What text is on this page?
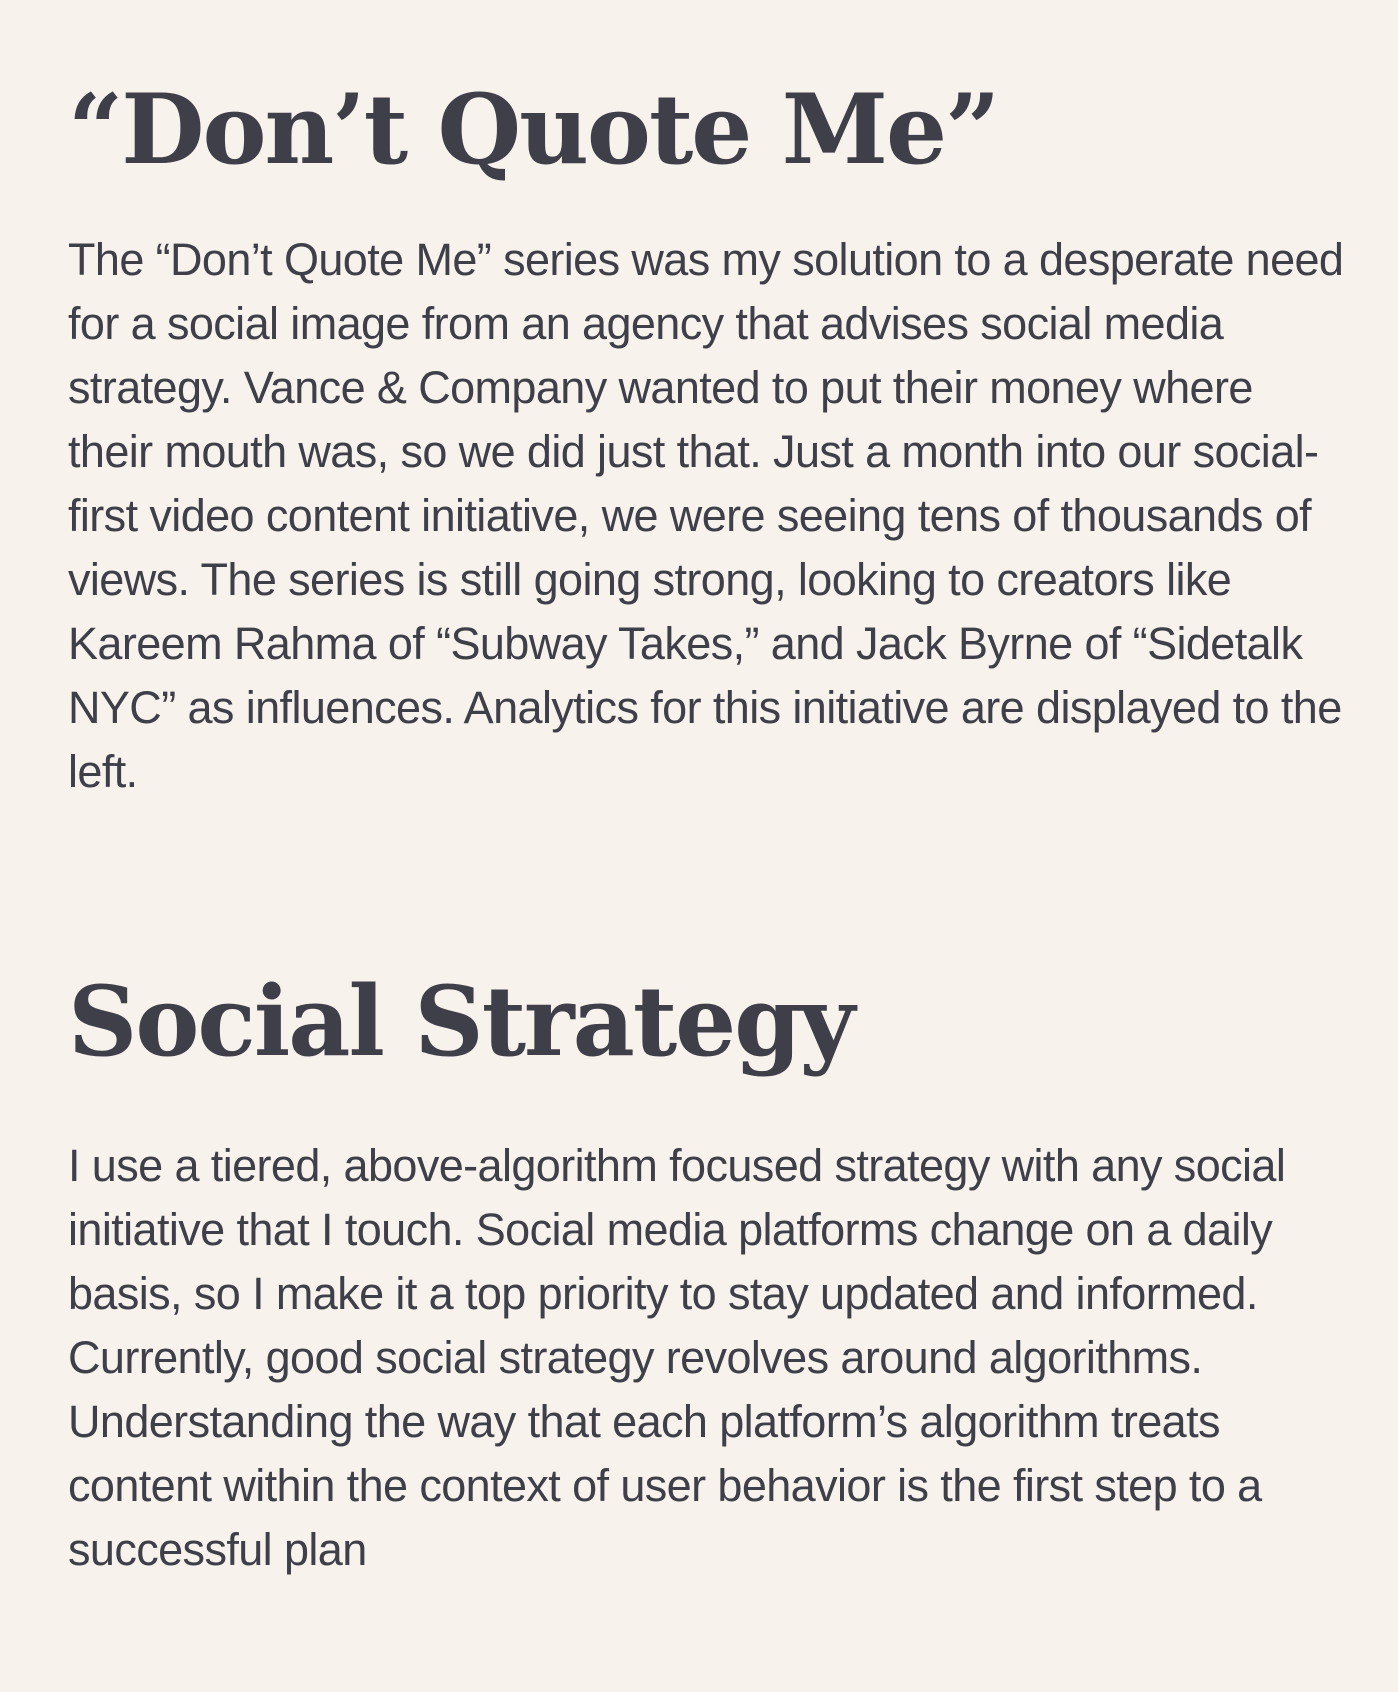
“Don’t Quote Me”

The “Don’t Quote Me” series was my solution to a desperate need for a social image from an agency that advises social media strategy. Vance & Company wanted to put their money where their mouth was, so we did just that. Just a month into our social-first video content initiative, we were seeing tens of thousands of views. The series is still going strong, looking to creators like Kareem Rahma of “Subway Takes,” and Jack Byrne of “Sidetalk NYC” as influences. Analytics for this initiative are displayed to the left.

Social Strategy

I use a tiered, above-algorithm focused strategy with any social initiative that I touch. Social media platforms change on a daily basis, so I make it a top priority to stay updated and informed. Currently, good social strategy revolves around algorithms. Understanding the way that each platform’s algorithm treats content within the context of user behavior is the first step to a successful plan
